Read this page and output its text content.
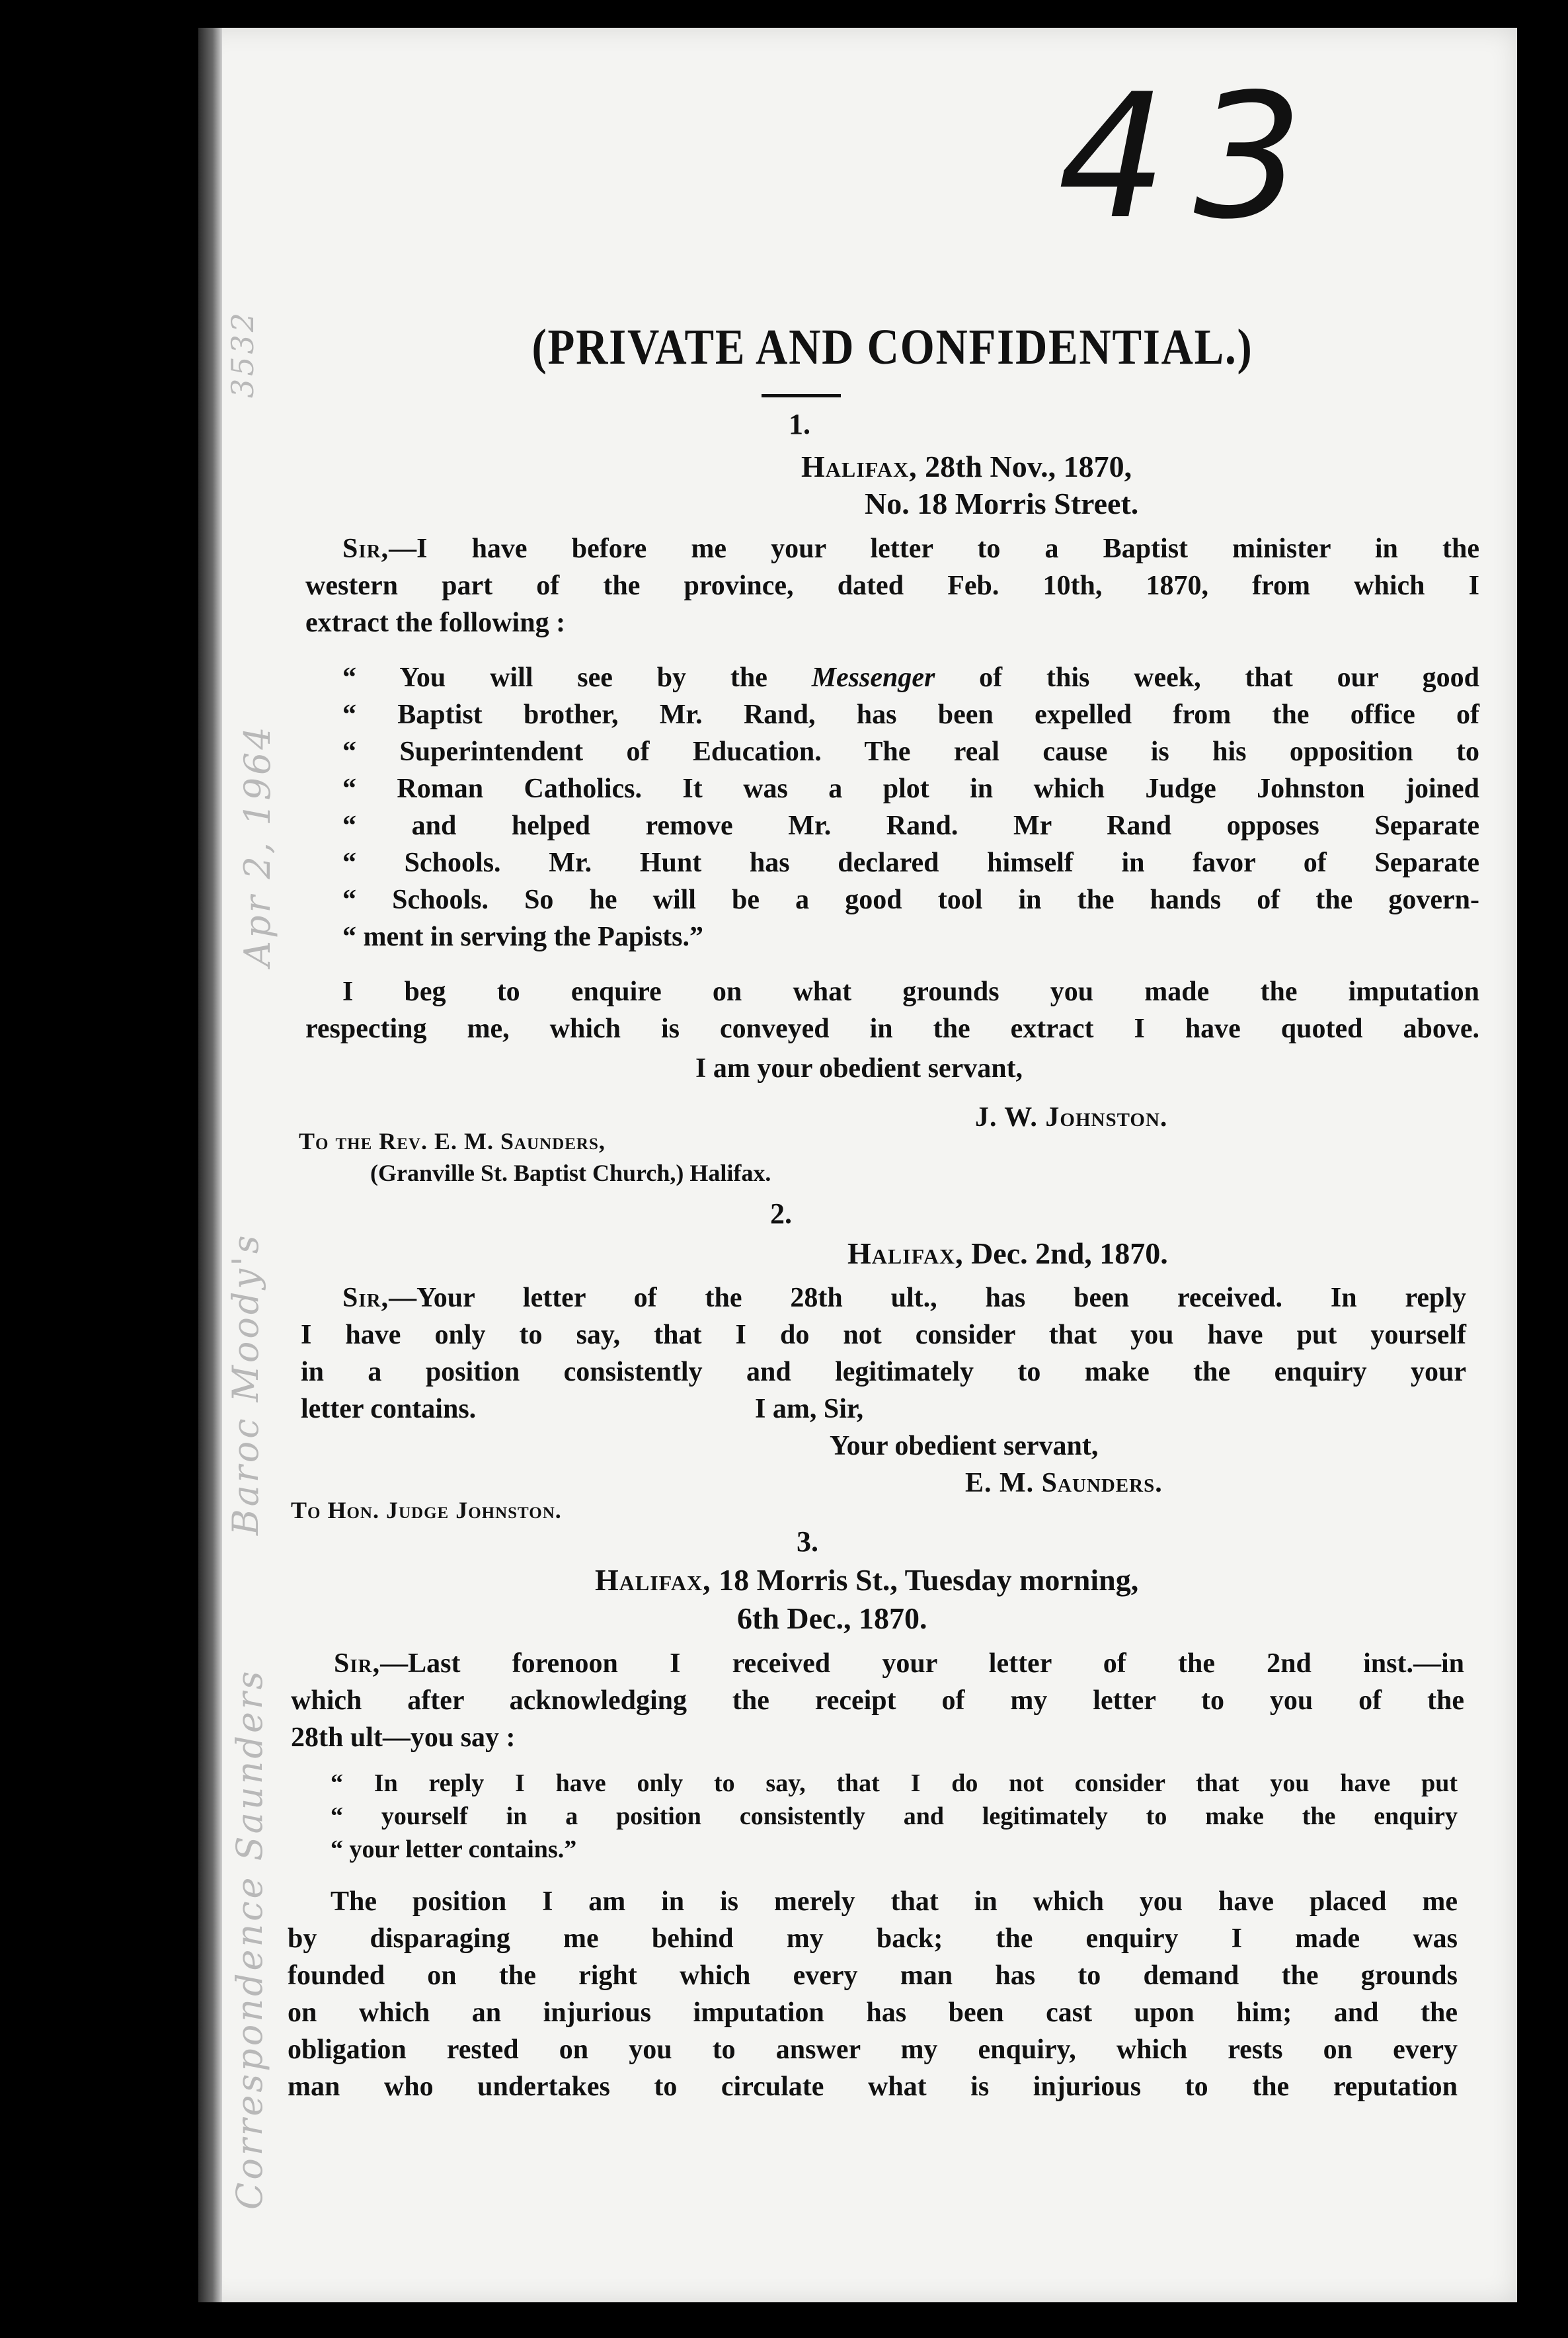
3532
Apr 2, 1964
Baroc Moody's
Correspondence Saunders
43
(PRIVATE AND CONFIDENTIAL.)
1.
Halifax, 28th Nov., 1870,
No. 18 Morris Street.
Sir,—I have before me your letter to a Baptist minister in the
western part of the province, dated Feb. 10th, 1870, from which I
extract the following :
“ You will see by the Messenger of this week, that our good
“ Baptist brother, Mr. Rand, has been expelled from the office of
“ Superintendent of Education. The real cause is his opposition to
“ Roman Catholics. It was a plot in which Judge Johnston joined
“ and helped remove Mr. Rand. Mr Rand opposes Separate
“ Schools. Mr. Hunt has declared himself in favor of Separate
“ Schools. So he will be a good tool in the hands of the govern-
“ ment in serving the Papists.”
I beg to enquire on what grounds you made the imputation
respecting me, which is conveyed in the extract I have quoted above.
I am your obedient servant,
J. W. Johnston.
To the Rev. E. M. Saunders,
(Granville St. Baptist Church,) Halifax.
2.
Halifax, Dec. 2nd, 1870.
Sir,—Your letter of the 28th ult., has been received. In reply
I have only to say, that I do not consider that you have put yourself
in a position consistently and legitimately to make the enquiry your
letter contains.	I am, Sir,
Your obedient servant,
E. M. Saunders.
To Hon. Judge Johnston.
3.
Halifax, 18 Morris St., Tuesday morning,
6th Dec., 1870.
Sir,—Last forenoon I received your letter of the 2nd inst.—in
which after acknowledging the receipt of my letter to you of the
28th ult—you say :
“ In reply I have only to say, that I do not consider that you have put
“ yourself in a position consistently and legitimately to make the enquiry
“ your letter contains.”
The position I am in is merely that in which you have placed me
by disparaging me behind my back; the enquiry I made was
founded on the right which every man has to demand the grounds
on which an injurious imputation has been cast upon him; and the
obligation rested on you to answer my enquiry, which rests on every
man who undertakes to circulate what is injurious to the reputation
